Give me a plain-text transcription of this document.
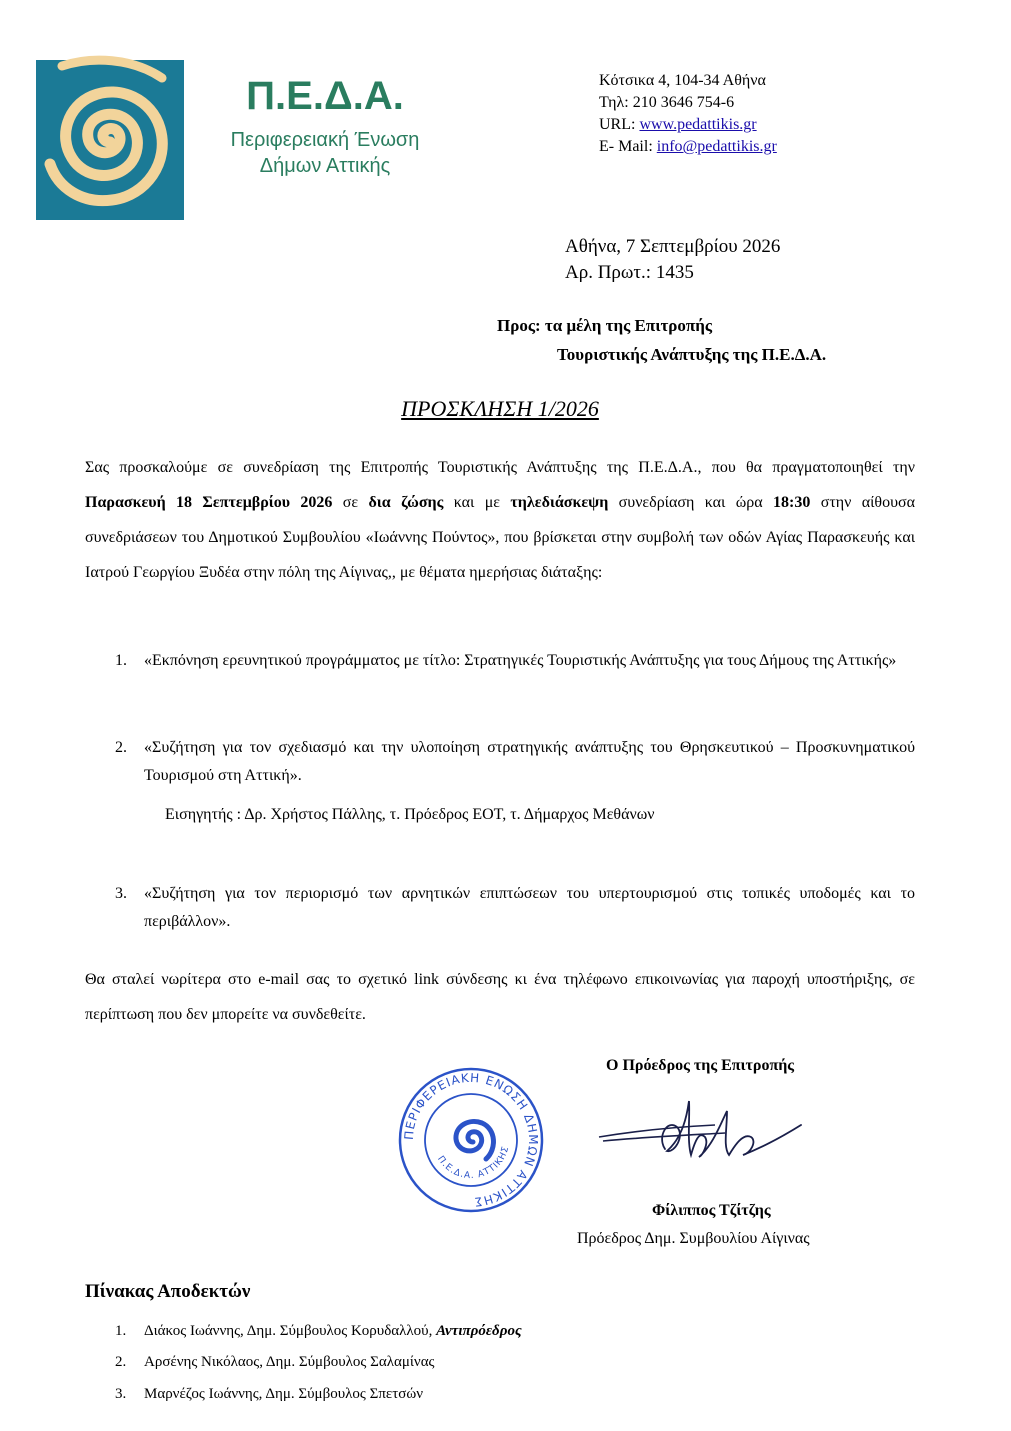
Π.Ε.Δ.Α.
Περιφερειακή Ένωση
Δήμων Αττικής
Κότσικα 4, 104-34 Αθήνα
Τηλ: 210 3646 754-6
URL: www.pedattikis.gr
E- Mail: info@pedattikis.gr
Αθήνα, 7 Σεπτεμβρίου 2026
Αρ. Πρωτ.: 1435
Προς: τα μέλη της Επιτροπής
Τουριστικής Ανάπτυξης της Π.Ε.Δ.Α.
ΠΡΟΣΚΛΗΣΗ 1/2026
Σας προσκαλούμε σε συνεδρίαση της Επιτροπής Τουριστικής Ανάπτυξης της Π.Ε.Δ.Α., που θα πραγματοποιηθεί την Παρασκευή 18 Σεπτεμβρίου 2026 σε δια ζώσης και με τηλεδιάσκεψη συνεδρίαση και ώρα 18:30 στην αίθουσα συνεδριάσεων του Δημοτικού Συμβουλίου «Ιωάννης Πούντος», που βρίσκεται στην συμβολή των οδών Αγίας Παρασκευής και Ιατρού Γεωργίου Ξυδέα στην πόλη της Αίγινας,, με θέματα ημερήσιας διάταξης:
1.	«Εκπόνηση ερευνητικού προγράμματος με τίτλο: Στρατηγικές Τουριστικής Ανάπτυξης για τους Δήμους της Αττικής»
2.	«Συζήτηση για τον σχεδιασμό και την υλοποίηση στρατηγικής ανάπτυξης του Θρησκευτικού – Προσκυνηματικού Τουρισμού στη Αττική».
Εισηγητής : Δρ. Χρήστος Πάλλης, τ. Πρόεδρος ΕΟΤ, τ. Δήμαρχος Μεθάνων
3.	«Συζήτηση για τον περιορισμό των αρνητικών επιπτώσεων του υπερτουρισμού στις τοπικές υποδομές και το περιβάλλον».
Θα σταλεί νωρίτερα στο e-mail σας το σχετικό link σύνδεσης κι ένα τηλέφωνο επικοινωνίας για παροχή υποστήριξης, σε περίπτωση που δεν μπορείτε να συνδεθείτε.
Ο Πρόεδρος της Επιτροπής
ΠΕΡΙΦΕΡΕΙΑΚΗ ΕΝΩΣΗ ΔΗΜΩΝ ΑΤΤΙΚΗΣ
Π.Ε.Δ.Α. ΑΤΤΙΚΗΣ
Φίλιππος Τζίτζης
Πρόεδρος Δημ. Συμβουλίου Αίγινας
Πίνακας Αποδεκτών
1. Διάκος Ιωάννης, Δημ. Σύμβουλος Κορυδαλλού, Αντιπρόεδρος
2. Αρσένης Νικόλαος, Δημ. Σύμβουλος Σαλαμίνας
3. Μαρνέζος Ιωάννης, Δημ. Σύμβουλος Σπετσών
